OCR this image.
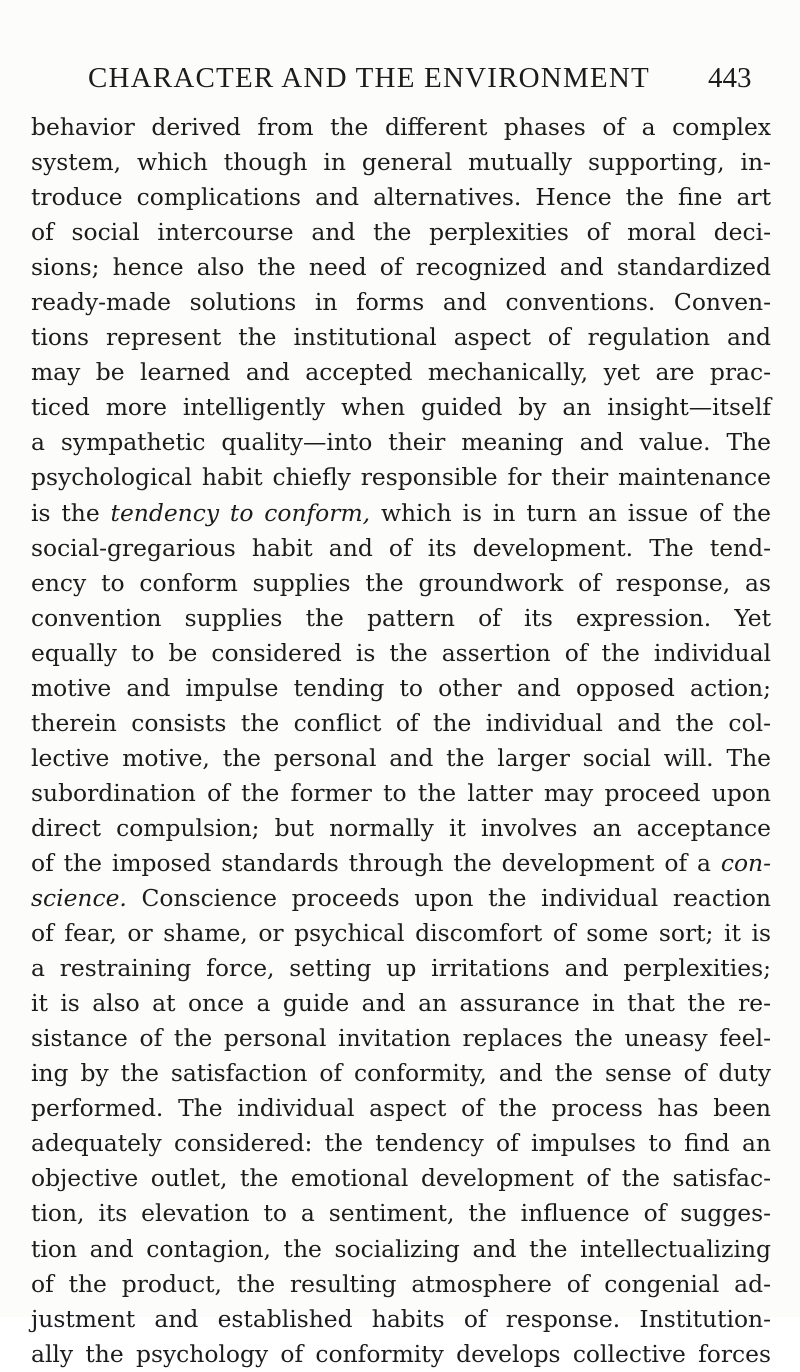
CHARACTER AND THE ENVIRONMENT 443
behavior derived from the different phases of a complex
system, which though in general mutually supporting, in-
troduce complications and alternatives. Hence the fine art
of social intercourse and the perplexities of moral deci-
sions; hence also the need of recognized and standardized
ready-made solutions in forms and conventions. Conven-
tions represent the institutional aspect of regulation and
may be learned and accepted mechanically, yet are prac-
ticed more intelligently when guided by an insight—itself
a sympathetic quality—into their meaning and value. The
psychological habit chiefly responsible for their maintenance
is the tendency to conform, which is in turn an issue of the
social-gregarious habit and of its development. The tend-
ency to conform supplies the groundwork of response, as
convention supplies the pattern of its expression. Yet
equally to be considered is the assertion of the individual
motive and impulse tending to other and opposed action;
therein consists the conflict of the individual and the col-
lective motive, the personal and the larger social will. The
subordination of the former to the latter may proceed upon
direct compulsion; but normally it involves an acceptance
of the imposed standards through the development of a con-
science. Conscience proceeds upon the individual reaction
of fear, or shame, or psychical discomfort of some sort; it is
a restraining force, setting up irritations and perplexities;
it is also at once a guide and an assurance in that the re-
sistance of the personal invitation replaces the uneasy feel-
ing by the satisfaction of conformity, and the sense of duty
performed. The individual aspect of the process has been
adequately considered: the tendency of impulses to find an
objective outlet, the emotional development of the satisfac-
tion, its elevation to a sentiment, the influence of sugges-
tion and contagion, the socializing and the intellectualizing
of the product, the resulting atmosphere of congenial ad-
justment and established habits of response. Institution-
ally the psychology of conformity develops collective forces
